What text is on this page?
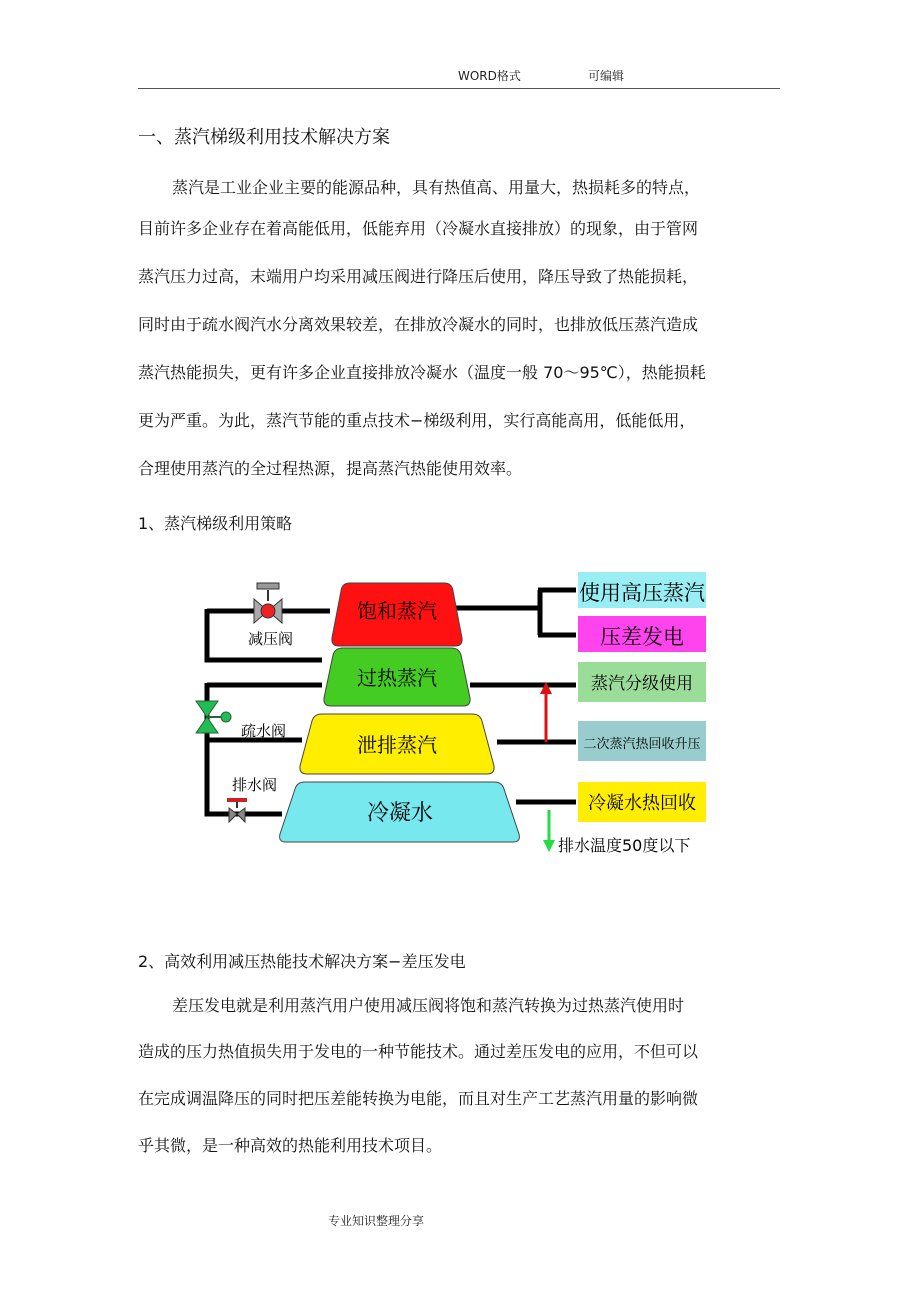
WORD格式	可编辑
一、蒸汽梯级利用技术解决方案
蒸汽是工业企业主要的能源品种，具有热值高、用量大，热损耗多的特点，
目前许多企业存在着高能低用，低能弃用（冷凝水直接排放）的现象，由于管网
蒸汽压力过高，末端用户均采用减压阀进行降压后使用，降压导致了热能损耗，
同时由于疏水阀汽水分离效果较差，在排放冷凝水的同时，也排放低压蒸汽造成
蒸汽热能损失，更有许多企业直接排放冷凝水（温度一般 70～95℃），热能损耗
更为严重。为此，蒸汽节能的重点技术−梯级利用，实行高能高用，低能低用，
合理使用蒸汽的全过程热源，提高蒸汽热能使用效率。
1、蒸汽梯级利用策略
饱和蒸汽
过热蒸汽
泄排蒸汽
冷凝水
减压阀
疏水阀
排水阀
使用高压蒸汽
压差发电
蒸汽分级使用
二次蒸汽热回收升压
冷凝水热回收
排水温度50度以下
2、高效利用减压热能技术解决方案−差压发电
差压发电就是利用蒸汽用户使用减压阀将饱和蒸汽转换为过热蒸汽使用时
造成的压力热值损失用于发电的一种节能技术。通过差压发电的应用，不但可以
在完成调温降压的同时把压差能转换为电能，而且对生产工艺蒸汽用量的影响微
乎其微，是一种高效的热能利用技术项目。
专业知识整理分享
